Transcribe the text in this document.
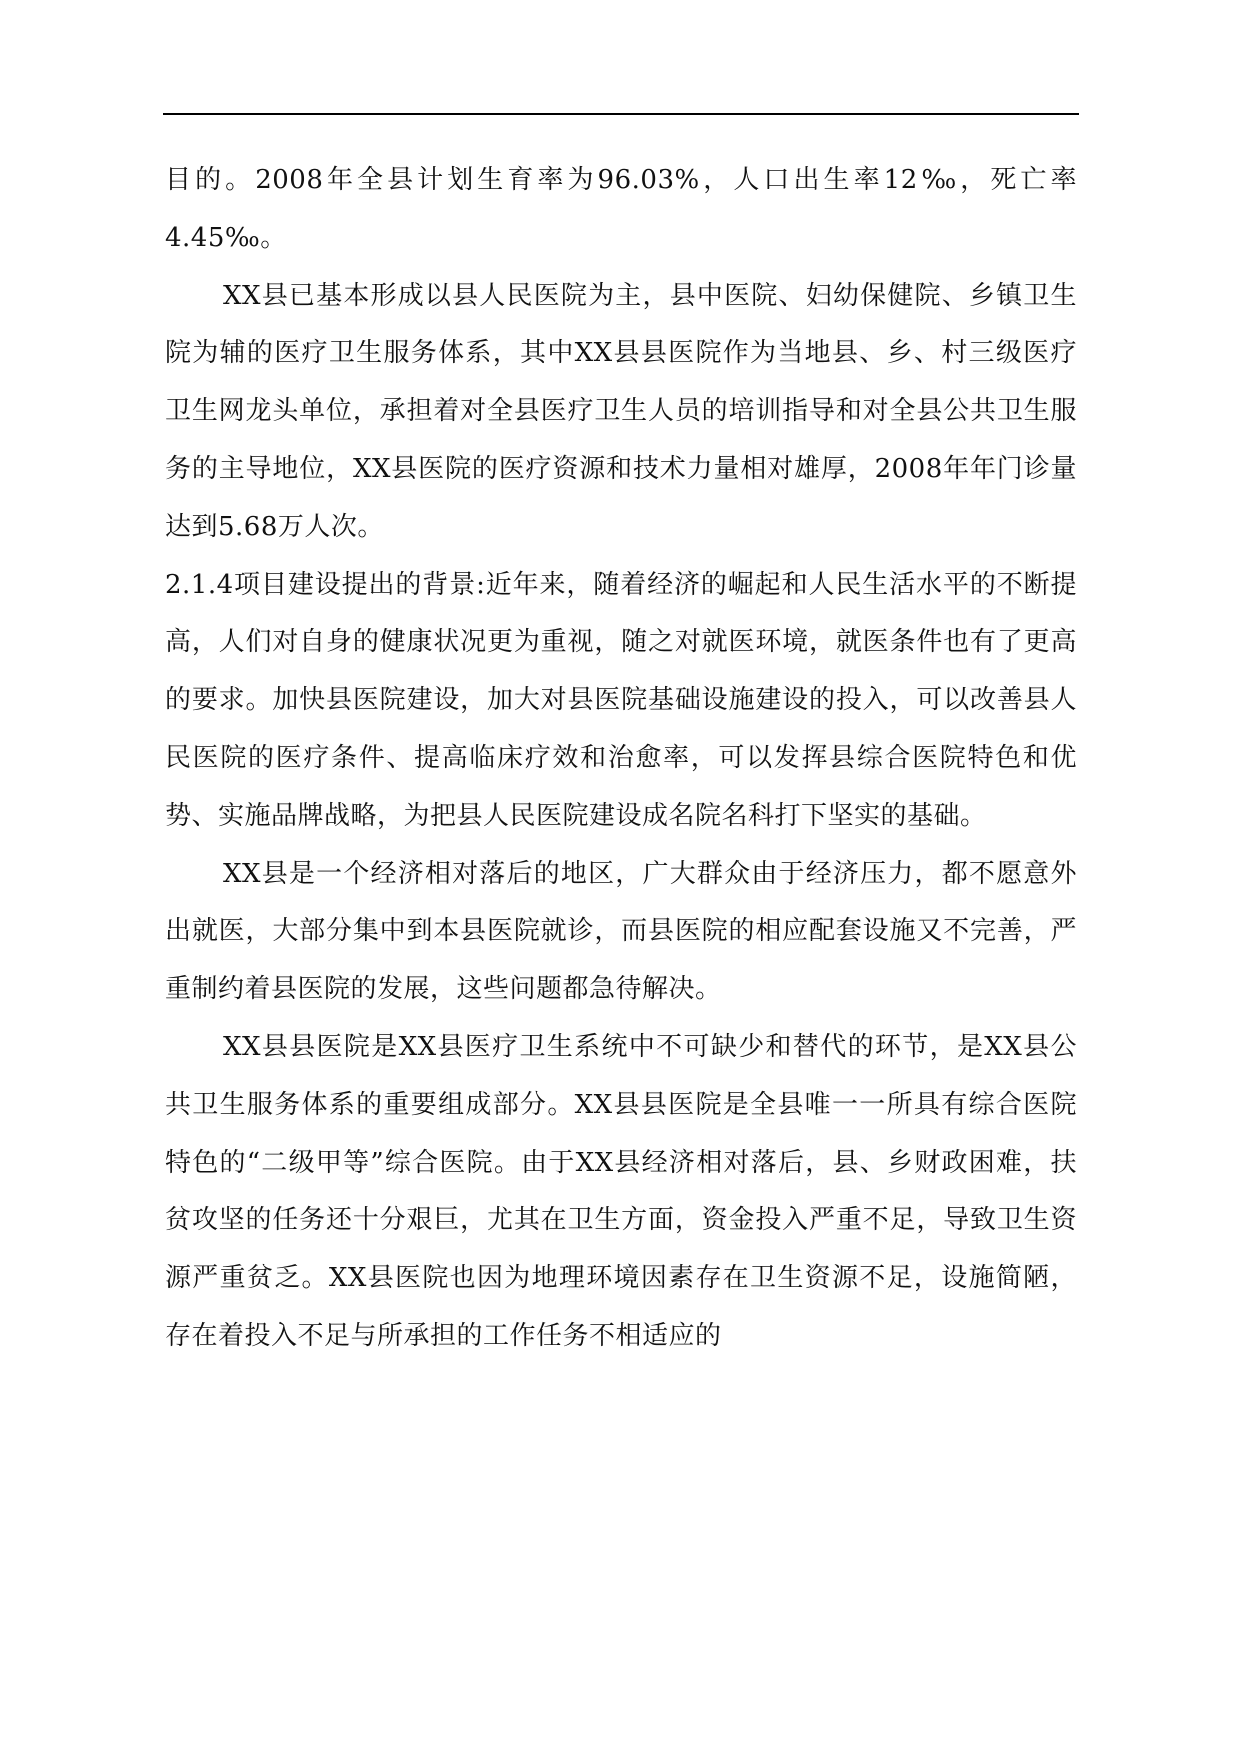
目的。2008年全县计划生育率为96.03%，人口出生率12‰，死亡率4.45‰。

XX县已基本形成以县人民医院为主，县中医院、妇幼保健院、乡镇卫生院为辅的医疗卫生服务体系，其中XX县县医院作为当地县、乡、村三级医疗卫生网龙头单位，承担着对全县医疗卫生人员的培训指导和对全县公共卫生服务的主导地位，XX县医院的医疗资源和技术力量相对雄厚，2008年年门诊量达到5.68万人次。

2.1.4项目建设提出的背景:近年来，随着经济的崛起和人民生活水平的不断提高，人们对自身的健康状况更为重视，随之对就医环境，就医条件也有了更高的要求。加快县医院建设，加大对县医院基础设施建设的投入，可以改善县人民医院的医疗条件、提高临床疗效和治愈率，可以发挥县综合医院特色和优势、实施品牌战略，为把县人民医院建设成名院名科打下坚实的基础。

XX县是一个经济相对落后的地区，广大群众由于经济压力，都不愿意外出就医，大部分集中到本县医院就诊，而县医院的相应配套设施又不完善，严重制约着县医院的发展，这些问题都急待解决。

XX县县医院是XX县医疗卫生系统中不可缺少和替代的环节，是XX县公共卫生服务体系的重要组成部分。XX县县医院是全县唯一一所具有综合医院特色的“二级甲等”综合医院。由于XX县经济相对落后，县、乡财政困难，扶贫攻坚的任务还十分艰巨，尤其在卫生方面，资金投入严重不足，导致卫生资源严重贫乏。XX县医院也因为地理环境因素存在卫生资源不足，设施简陋，存在着投入不足与所承担的工作任务不相适应的
